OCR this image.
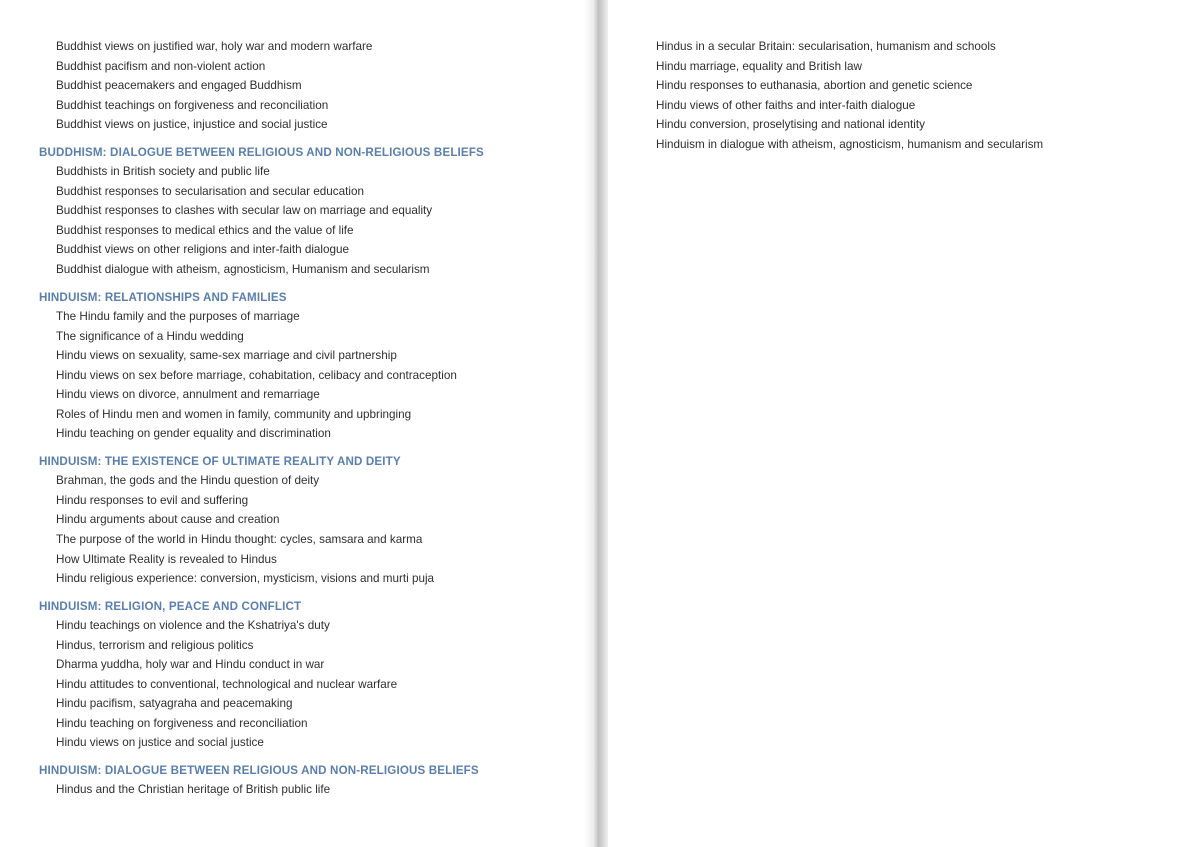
Buddhist views on justified war, holy war and modern warfare
Buddhist pacifism and non-violent action
Buddhist peacemakers and engaged Buddhism
Buddhist teachings on forgiveness and reconciliation
Buddhist views on justice, injustice and social justice
BUDDHISM: DIALOGUE BETWEEN RELIGIOUS AND NON-RELIGIOUS BELIEFS
Buddhists in British society and public life
Buddhist responses to secularisation and secular education
Buddhist responses to clashes with secular law on marriage and equality
Buddhist responses to medical ethics and the value of life
Buddhist views on other religions and inter-faith dialogue
Buddhist dialogue with atheism, agnosticism, Humanism and secularism
HINDUISM: RELATIONSHIPS AND FAMILIES
The Hindu family and the purposes of marriage
The significance of a Hindu wedding
Hindu views on sexuality, same-sex marriage and civil partnership
Hindu views on sex before marriage, cohabitation, celibacy and contraception
Hindu views on divorce, annulment and remarriage
Roles of Hindu men and women in family, community and upbringing
Hindu teaching on gender equality and discrimination
HINDUISM: THE EXISTENCE OF ULTIMATE REALITY AND DEITY
Brahman, the gods and the Hindu question of deity
Hindu responses to evil and suffering
Hindu arguments about cause and creation
The purpose of the world in Hindu thought: cycles, samsara and karma
How Ultimate Reality is revealed to Hindus
Hindu religious experience: conversion, mysticism, visions and murti puja
HINDUISM: RELIGION, PEACE AND CONFLICT
Hindu teachings on violence and the Kshatriya's duty
Hindus, terrorism and religious politics
Dharma yuddha, holy war and Hindu conduct in war
Hindu attitudes to conventional, technological and nuclear warfare
Hindu pacifism, satyagraha and peacemaking
Hindu teaching on forgiveness and reconciliation
Hindu views on justice and social justice
HINDUISM: DIALOGUE BETWEEN RELIGIOUS AND NON-RELIGIOUS BELIEFS
Hindus and the Christian heritage of British public life
Hindus in a secular Britain: secularisation, humanism and schools
Hindu marriage, equality and British law
Hindu responses to euthanasia, abortion and genetic science
Hindu views of other faiths and inter-faith dialogue
Hindu conversion, proselytising and national identity
Hinduism in dialogue with atheism, agnosticism, humanism and secularism
